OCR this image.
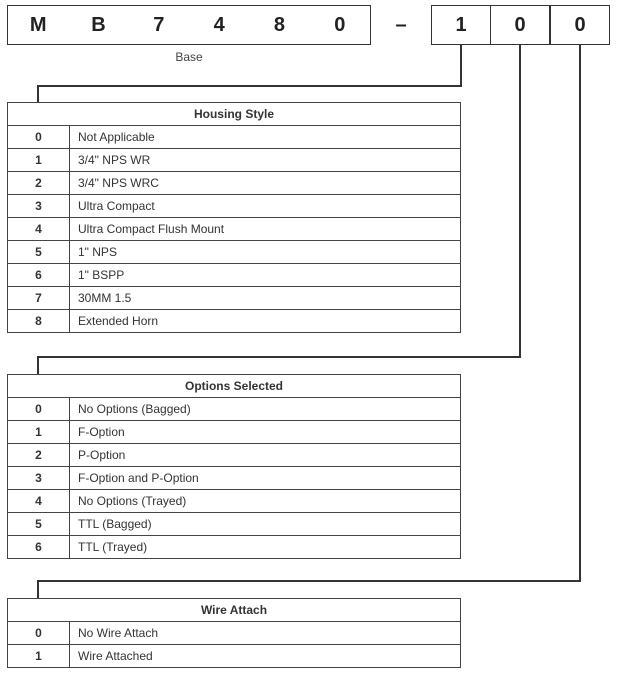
M	B	7	4	8	0	–	1	0	0
Base
Housing Style	
0	Not Applicable
1	3/4" NPS WR
2	3/4" NPS WRC
3	Ultra Compact
4	Ultra Compact Flush Mount
5	1" NPS
6	1" BSPP
7	30MM 1.5
8	Extended Horn
Options Selected	
0	No Options (Bagged)
1	F-Option
2	P-Option
3	F-Option and P-Option
4	No Options (Trayed)
5	TTL (Bagged)
6	TTL (Trayed)
Wire Attach	
0	No Wire Attach
1	Wire Attached
